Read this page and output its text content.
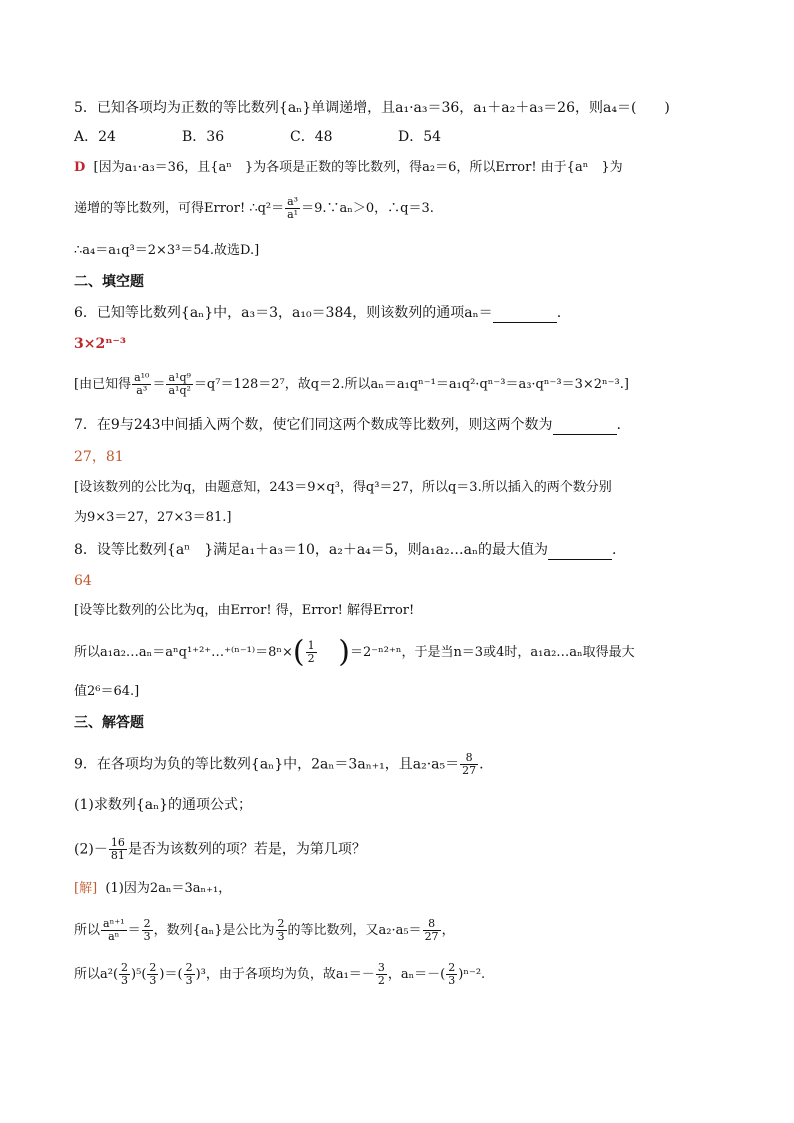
5．已知各项均为正数的等比数列{aₙ}单调递增，且a₁·a₃＝36，a₁＋a₂＋a₃＝26，则a₄＝(　　)
A．24	B．36	C．48	D．54
D [因为a₁·a₃＝36，且{aⁿ　}为各项是正数的等比数列，得a₂＝6，所以Error! 由于{aⁿ　}为
递增的等比数列，可得Error! ∴q²＝ $\frac{\text{a³}}{\text{a¹}}$ ＝9.∵aₙ＞0，∴q＝3.
∴a₄＝a₁q³＝2×3³＝54.故选D.]
二、填空题
6．已知等比数列{aₙ}中，a₃＝3，a₁₀＝384，则该数列的通项aₙ＝	.
3×2ⁿ⁻³
[由已知得 $\frac{\text{a¹⁰}}{\text{a³}} = \frac{\text{a¹q⁹}}{\text{a¹q²}} =q^7=128=2^7$，故q＝2.所以aₙ＝a₁qⁿ⁻¹＝a₁q²·qⁿ⁻³＝a₃·qⁿ⁻³＝3×2ⁿ⁻³.]
7．在9与243中间插入两个数，使它们同这两个数成等比数列，则这两个数为	.
27，81
[设该数列的公比为q，由题意知，243＝9×q³，得q³＝27，所以q＝3.所以插入的两个数分别
为9×3＝27，27×3＝81.]
8．设等比数列{aⁿ　}满足a₁＋a₃＝10，a₂＋a₄＝5，则a₁a₂…aₙ的最大值为	.
64
[设等比数列的公比为q，由Error! 得，Error! 解得Error!
所以a₁a₂…aₙ＝aⁿq¹⁺²⁺…⁺⁽ⁿ⁻¹⁾＝8ⁿ×( $\frac{1}{2} )=2^{-n2+n}$，于是当n＝3或4时，a₁a₂…aₙ取得最大
值2⁶＝64.]
三、解答题
9．在各项均为负的等比数列{aₙ}中，2aₙ＝3aₙ₊₁，且$a_2\cdot a_5= \frac{8}{27}$ .
(1)求数列{aₙ}的通项公式；
$(2)- \frac{16}{81}$ 是否为该数列的项？若是，为第几项？
[解] (1)因为2aₙ＝3aₙ₊₁，
所以 $\frac{\text{aⁿ⁺¹}}{\text{aⁿ}} = \frac{2}{3}$ ，数列{aₙ}是公比为 $\frac{2}{3}$ 的等比数列，又$a_2\cdot a_5= \frac{8}{27}$ ，
所以$a^2( \frac{2}{3} )^5( \frac{2}{3}$ )＝( $\frac{2}{3} )^3$，由于各项均为负，故$a_1=- \frac{3}{2}$ ，$a_n=-( \frac{2}{3} )^{n-2}$.
